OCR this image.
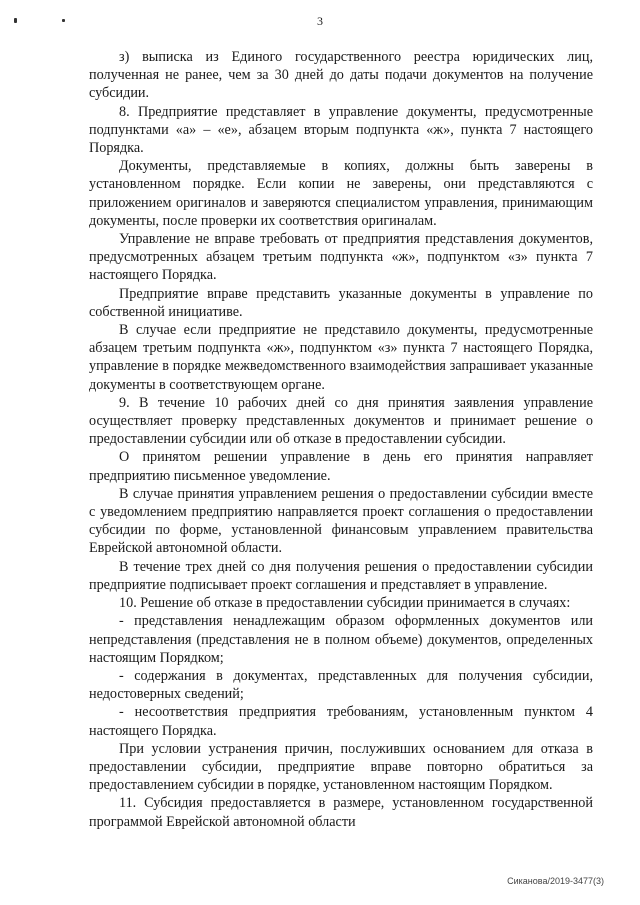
3

з) выписка из Единого государственного реестра юридических лиц, полученная не ранее, чем за 30 дней до даты подачи документов на получение субсидии.

8. Предприятие представляет в управление документы, предусмотренные подпунктами «а» – «е», абзацем вторым подпункта «ж», пункта 7 настоящего Порядка.

Документы, представляемые в копиях, должны быть заверены в установленном порядке. Если копии не заверены, они представляются с приложением оригиналов и заверяются специалистом управления, принимающим документы, после проверки их соответствия оригиналам.

Управление не вправе требовать от предприятия представления документов, предусмотренных абзацем третьим подпункта «ж», подпунктом «з» пункта 7 настоящего Порядка.

Предприятие вправе представить указанные документы в управление по собственной инициативе.

В случае если предприятие не представило документы, предусмотренные абзацем третьим подпункта «ж», подпунктом «з» пункта 7 настоящего Порядка, управление в порядке межведомственного взаимодействия запрашивает указанные документы в соответствующем органе.

9. В течение 10 рабочих дней со дня принятия заявления управление осуществляет проверку представленных документов и принимает решение о предоставлении субсидии или об отказе в предоставлении субсидии.

О принятом решении управление в день его принятия направляет предприятию письменное уведомление.

В случае принятия управлением решения о предоставлении субсидии вместе с уведомлением предприятию направляется проект соглашения о предоставлении субсидии по форме, установленной финансовым управлением правительства Еврейской автономной области.

В течение трех дней со дня получения решения о предоставлении субсидии предприятие подписывает проект соглашения и представляет в управление.

10. Решение об отказе в предоставлении субсидии принимается в случаях:

- представления ненадлежащим образом оформленных документов или непредставления (представления не в полном объеме) документов, определенных настоящим Порядком;

- содержания в документах, представленных для получения субсидии, недостоверных сведений;

- несоответствия предприятия требованиям, установленным пунктом 4 настоящего Порядка.

При условии устранения причин, послуживших основанием для отказа в предоставлении субсидии, предприятие вправе повторно обратиться за предоставлением субсидии в порядке, установленном настоящим Порядком.

11. Субсидия предоставляется в размере, установленном государственной программой Еврейской автономной области

Сиканова/2019-3477(3)
